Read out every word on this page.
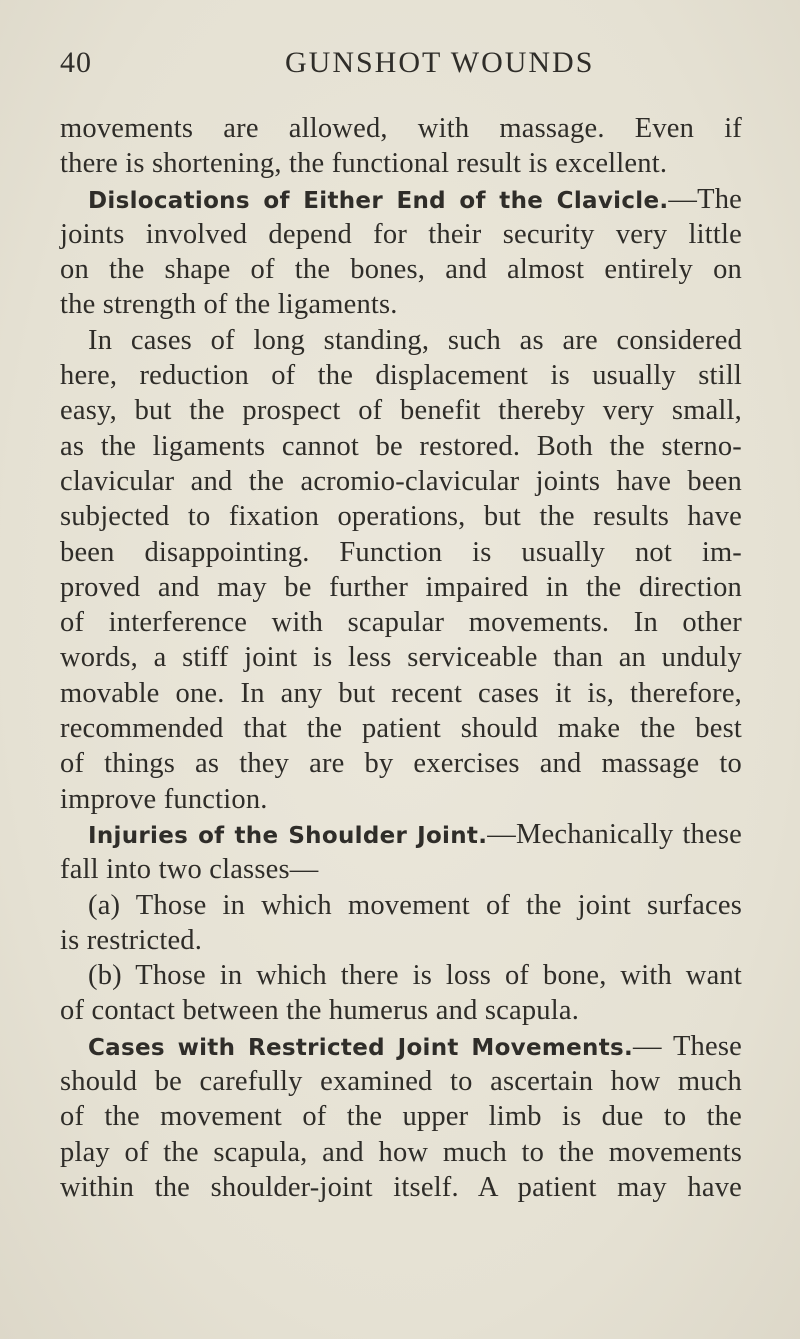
40	GUNSHOT WOUNDS
movements are allowed, with massage. Even if
there is shortening, the functional result is excellent.
Dislocations of Either End of the Clavicle.—The
joints involved depend for their security very little
on the shape of the bones, and almost entirely on
the strength of the ligaments.
In cases of long standing, such as are considered
here, reduction of the displacement is usually still
easy, but the prospect of benefit thereby very small,
as the ligaments cannot be restored. Both the sterno-
clavicular and the acromio-clavicular joints have been
subjected to fixation operations, but the results have
been disappointing. Function is usually not im-
proved and may be further impaired in the direction
of interference with scapular movements. In other
words, a stiff joint is less serviceable than an unduly
movable one. In any but recent cases it is, therefore,
recommended that the patient should make the best
of things as they are by exercises and massage to
improve function.
Injuries of the Shoulder Joint.—Mechanically these
fall into two classes—
(a) Those in which movement of the joint surfaces
is restricted.
(b) Those in which there is loss of bone, with want
of contact between the humerus and scapula.
Cases with Restricted Joint Movements.— These
should be carefully examined to ascertain how much
of the movement of the upper limb is due to the
play of the scapula, and how much to the movements
within the shoulder-joint itself. A patient may have
